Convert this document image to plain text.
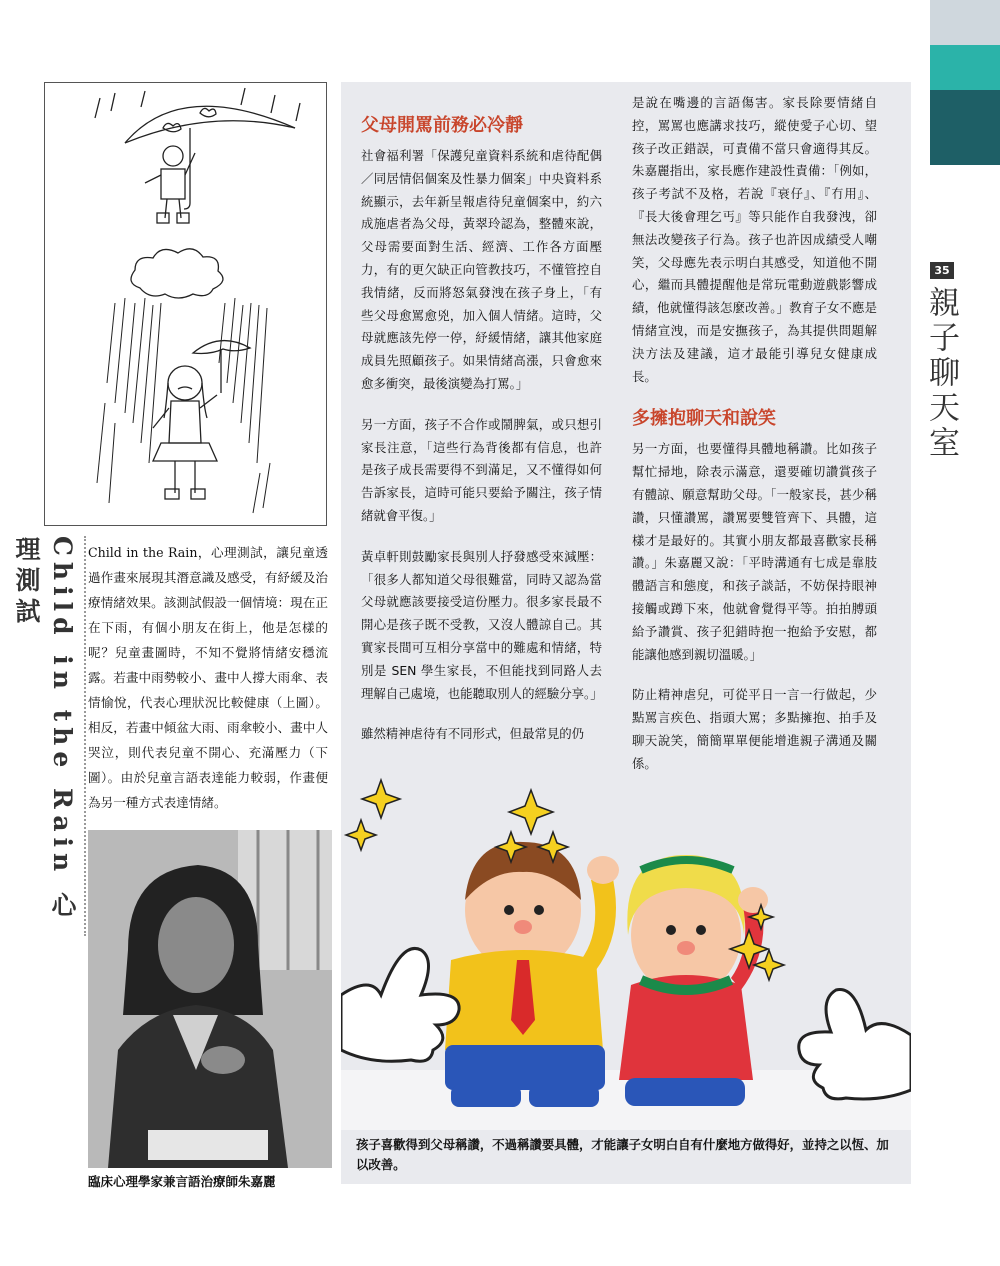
35
親子聊天室
Child in the Rain 心理測試	Child in the Rain，心理測試，讓兒童透過作畫來展現其潛意識及感受，有紓緩及治療情緒效果。該測試假設一個情境：現在正在下雨，有個小朋友在街上，他是怎樣的呢？兒童畫圖時，不知不覺將情緒安穩流露。若畫中雨勢較小、畫中人撐大雨傘、表情愉悅，代表心理狀況比較健康（上圖）。相反，若畫中傾盆大雨、雨傘較小、畫中人哭泣，則代表兒童不開心、充滿壓力（下圖）。由於兒童言語表達能力較弱，作畫便為另一種方式表達情緒。
臨床心理學家兼言語治療師朱嘉麗
父母開罵前務必冷靜

社會福利署「保護兒童資料系統和虐待配偶／同居情侶個案及性暴力個案」中央資料系統顯示，去年新呈報虐待兒童個案中，約六成施虐者為父母，黃翠玲認為，整體來說，父母需要面對生活、經濟、工作各方面壓力，有的更欠缺正向管教技巧，不懂管控自我情緒，反而將怒氣發洩在孩子身上，「有些父母愈罵愈兇，加入個人情緒。這時，父母就應該先停一停，紓緩情緒，讓其他家庭成員先照顧孩子。如果情緒高漲，只會愈來愈多衝突，最後演變為打罵。」

另一方面，孩子不合作或鬧脾氣，或只想引家長注意，「這些行為背後都有信息，也許是孩子成長需要得不到滿足，又不懂得如何告訴家長，這時可能只要給予關注，孩子情緒就會平復。」

黃卓軒則鼓勵家長與別人抒發感受來減壓：「很多人都知道父母很難當，同時又認為當父母就應該要接受這份壓力。很多家長最不開心是孩子既不受教，又沒人體諒自己。其實家長間可互相分享當中的難處和情緒，特別是 SEN 學生家長，不但能找到同路人去理解自己處境，也能聽取別人的經驗分享。」

雖然精神虐待有不同形式，但最常見的仍

是說在嘴邊的言語傷害。家長除要情緒自控，罵罵也應講求技巧，縱使愛子心切、望孩子改正錯誤，可責備不當只會適得其反。朱嘉麗指出，家長應作建設性責備：「例如，孩子考試不及格，若說『衰仔』、『冇用』、『長大後會理乞丐』等只能作自我發洩，卻無法改變孩子行為。孩子也許因成績受人嘲笑，父母應先表示明白其感受，知道他不開心，繼而具體提醒他是常玩電動遊戲影響成績，他就懂得該怎麼改善。」教育子女不應是情緒宣洩，而是安撫孩子，為其提供問題解決方法及建議，這才最能引導兒女健康成長。

多擁抱聊天和說笑

另一方面，也要懂得具體地稱讚。比如孩子幫忙掃地，除表示滿意，還要確切讚賞孩子有體諒、願意幫助父母。「一般家長，甚少稱讚，只懂讚罵，讚罵要雙管齊下、具體，這樣才是最好的。其實小朋友都最喜歡家長稱讚。」朱嘉麗又說：「平時溝通有七成是靠肢體語言和態度，和孩子談話，不妨保持眼神接觸或蹲下來，他就會覺得平等。拍拍膊頭給予讚賞、孩子犯錯時抱一抱給予安慰，都能讓他感到親切溫暖。」

防止精神虐兒，可從平日一言一行做起，少點罵言疾色、指頭大罵；多點擁抱、拍手及聊天說笑，簡簡單單便能增進親子溝通及關係。

孩子喜歡得到父母稱讚，不過稱讚要具體，才能讓子女明白自有什麼地方做得好，並持之以恆、加以改善。
